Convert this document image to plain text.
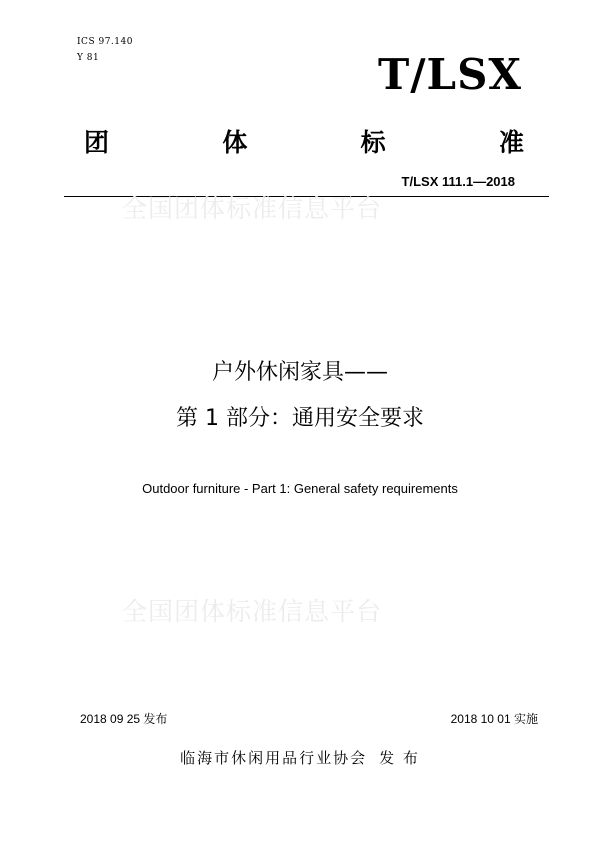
ICS 97.140
Y 81	T/LSX
团	体	标	准
T/LSX 111.1—2018
全国团体标准信息平台
全国团体标准信息平台
户外休闲家具——
第 1 部分：通用安全要求
Outdoor furniture - Part 1: General safety requirements
2018 09 25 发布	2018 10 01 实施
临海市休闲用品行业协会 发 布
